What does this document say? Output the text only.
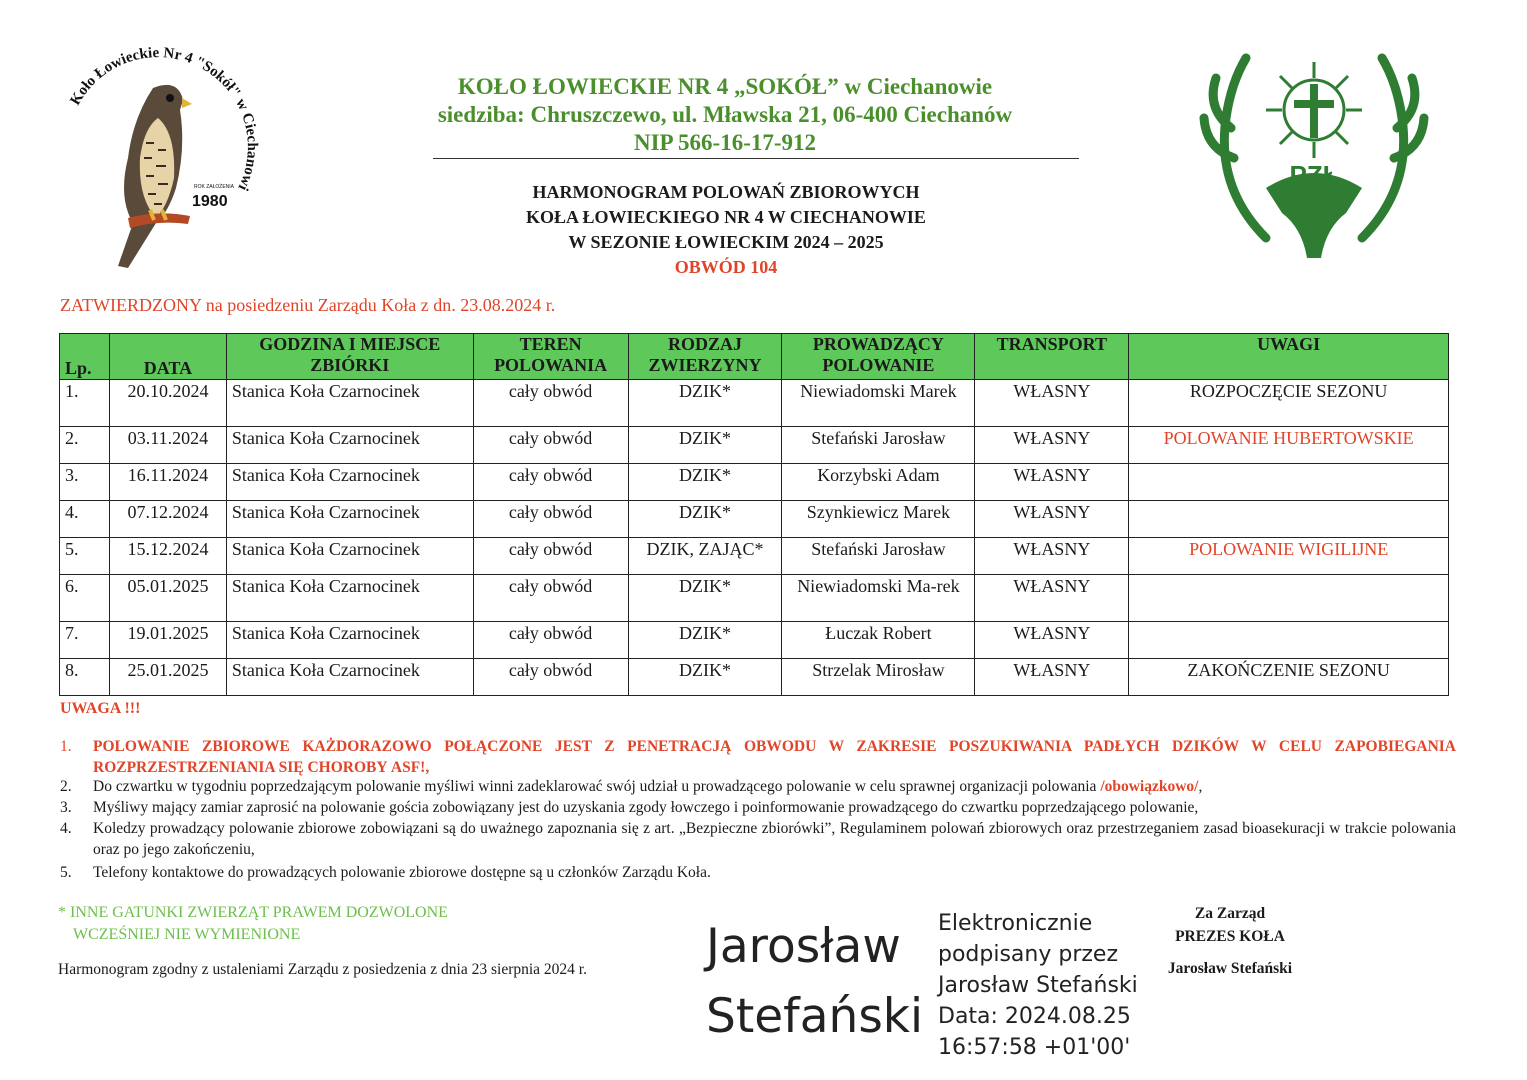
Koło Łowieckie Nr 4 "Sokół" w Ciechanowi
ROK ZAŁOŻENIA
1980
PZŁ
KOŁO ŁOWIECKIE NR 4 „SOKÓŁ” w Ciechanowie
siedziba: Chruszczewo, ul. Mławska 21, 06-400 Ciechanów
NIP 566-16-17-912
HARMONOGRAM POLOWAŃ ZBIOROWYCH
KOŁA ŁOWIECKIEGO NR 4 W CIECHANOWIE
W SEZONIE ŁOWIECKIM 2024 – 2025
OBWÓD 104
ZATWIERDZONY na posiedzeniu Zarządu Koła z dn. 23.08.2024 r.
Lp.	DATA	GODZINA I MIEJSCE ZBIÓRKI	TEREN POLOWANIA	RODZAJ ZWIERZYNY	PROWADZĄCY POLOWANIE	TRANSPORT	UWAGI
1.	20.10.2024	Stanica Koła Czarnocinek	cały obwód	DZIK*	Niewiadomski Marek	WŁASNY	ROZPOCZĘCIE SEZONU
2.	03.11.2024	Stanica Koła Czarnocinek	cały obwód	DZIK*	Stefański Jarosław	WŁASNY	POLOWANIE HUBERTOWSKIE
3.	16.11.2024	Stanica Koła Czarnocinek	cały obwód	DZIK*	Korzybski Adam	WŁASNY	
4.	07.12.2024	Stanica Koła Czarnocinek	cały obwód	DZIK*	Szynkiewicz Marek	WŁASNY	
5.	15.12.2024	Stanica Koła Czarnocinek	cały obwód	DZIK, ZAJĄC*	Stefański Jarosław	WŁASNY	POLOWANIE WIGILIJNE
6.	05.01.2025	Stanica Koła Czarnocinek	cały obwód	DZIK*	Niewiadomski Ma-rek	WŁASNY	
7.	19.01.2025	Stanica Koła Czarnocinek	cały obwód	DZIK*	Łuczak Robert	WŁASNY	
8.	25.01.2025	Stanica Koła Czarnocinek	cały obwód	DZIK*	Strzelak Mirosław	WŁASNY	ZAKOŃCZENIE SEZONU
UWAGA !!!
1.	POLOWANIE ZBIOROWE KAŻDORAZOWO POŁĄCZONE JEST Z PENETRACJĄ OBWODU W ZAKRESIE POSZUKIWANIA PADŁYCH DZIKÓW W CELU ZAPOBIEGANIA ROZPRZESTRZENIANIA SIĘ CHOROBY ASF!,
2.	Do czwartku w tygodniu poprzedzającym polowanie myśliwi winni zadeklarować swój udział u prowadzącego polowanie w celu sprawnej organizacji polowania /obowiązkowo/,
3.	Myśliwy mający zamiar zaprosić na polowanie gościa zobowiązany jest do uzyskania zgody łowczego i poinformowanie prowadzącego do czwartku poprzedzającego polowanie,
4.	Koledzy prowadzący polowanie zbiorowe zobowiązani są do uważnego zapoznania się z art. „Bezpieczne zbiorówki”, Regulaminem polowań zbiorowych oraz przestrzeganiem zasad bioasekuracji w trakcie polowania oraz po jego zakończeniu,
5.	Telefony kontaktowe do prowadzących polowanie zbiorowe dostępne są u członków Zarządu Koła.
* INNE GATUNKI ZWIERZĄT PRAWEM DOZWOLONE
WCZEŚNIEJ NIE WYMIENIONE
Harmonogram zgodny z ustaleniami Zarządu z posiedzenia z dnia 23 sierpnia 2024 r.	Jarosław
Stefański
Elektronicznie
podpisany przez
Jarosław Stefański
Data: 2024.08.25
16:57:58 +01'00'
Za Zarząd
PREZES KOŁA
Jarosław Stefański
